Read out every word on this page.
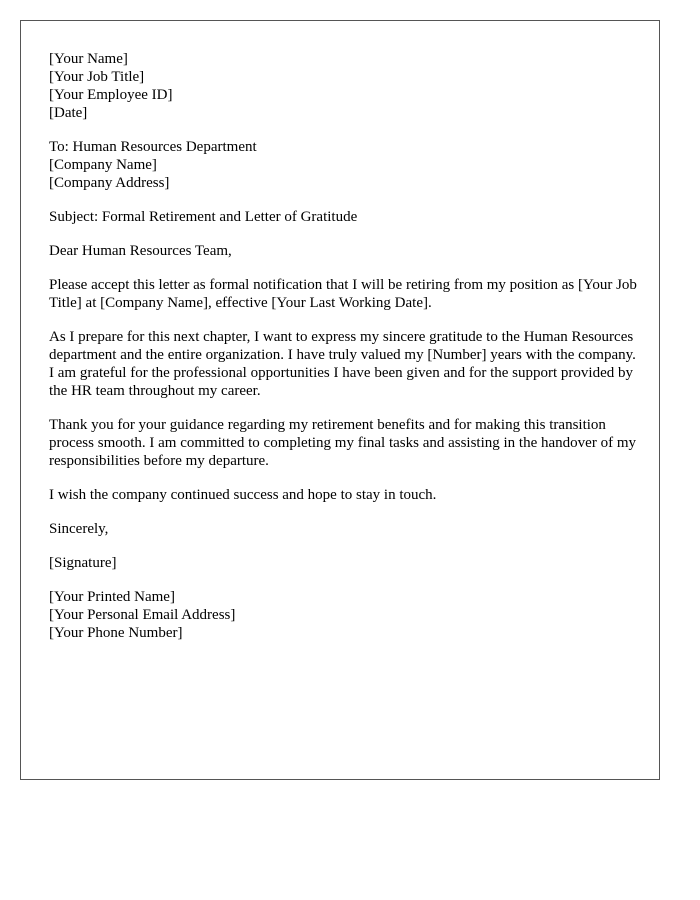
[Your Name]
[Your Job Title]
[Your Employee ID]
[Date]
To: Human Resources Department
[Company Name]
[Company Address]

Subject: Formal Retirement and Letter of Gratitude

Dear Human Resources Team,

Please accept this letter as formal notification that I will be retiring from my position as [Your Job Title] at [Company Name], effective [Your Last Working Date].

As I prepare for this next chapter, I want to express my sincere gratitude to the Human Resources department and the entire organization. I have truly valued my [Number] years with the company. I am grateful for the professional opportunities I have been given and for the support provided by the HR team throughout my career.

Thank you for your guidance regarding my retirement benefits and for making this transition process smooth. I am committed to completing my final tasks and assisting in the handover of my responsibilities before my departure.

I wish the company continued success and hope to stay in touch.

Sincerely,

[Signature]

[Your Printed Name]
[Your Personal Email Address]
[Your Phone Number]
